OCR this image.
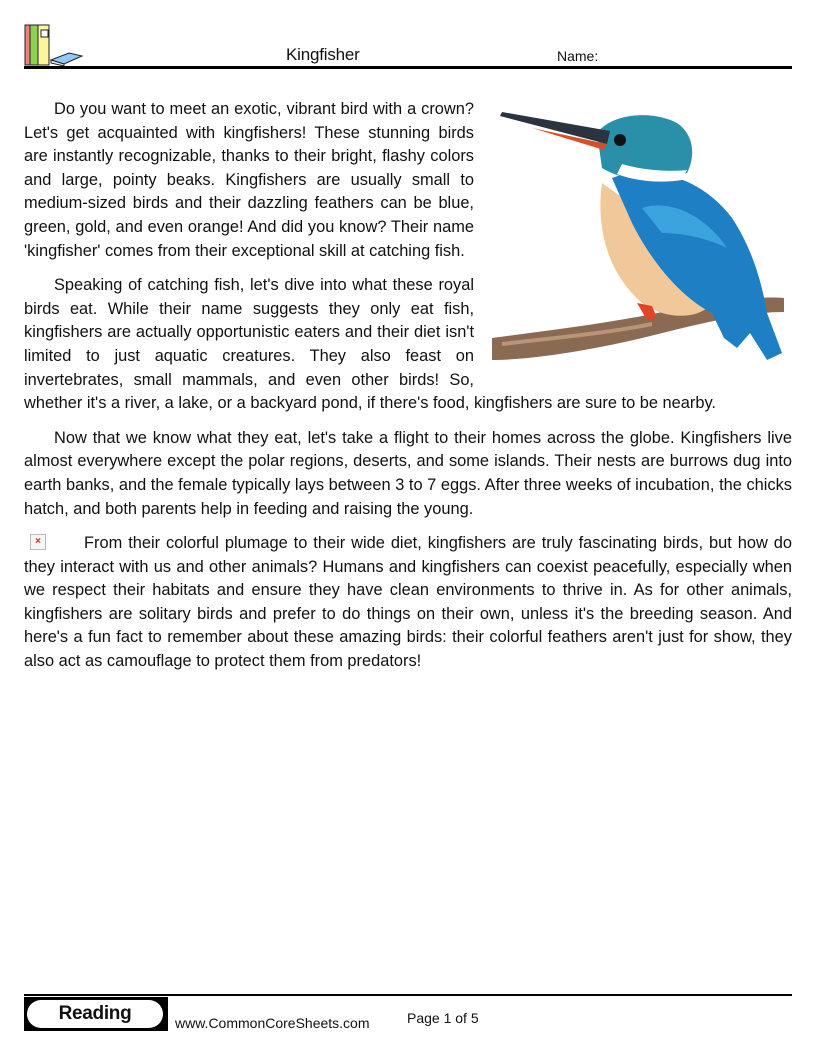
Kingfisher	Name:

Do you want to meet an exotic, vibrant bird with a crown? Let's get acquainted with kingfishers! These stunning birds are instantly recognizable, thanks to their bright, flashy colors and large, pointy beaks. Kingfishers are usually small to medium-sized birds and their dazzling feathers can be blue, green, gold, and even orange! And did you know? Their name 'kingfisher' comes from their exceptional skill at catching fish.

Speaking of catching fish, let's dive into what these royal birds eat. While their name suggests they only eat fish, kingfishers are actually opportunistic eaters and their diet isn't limited to just aquatic creatures. They also feast on invertebrates, small mammals, and even other birds! So, whether it's a river, a lake, or a backyard pond, if there's food, kingfishers are sure to be nearby.

Now that we know what they eat, let's take a flight to their homes across the globe. Kingfishers live almost everywhere except the polar regions, deserts, and some islands. Their nests are burrows dug into earth banks, and the female typically lays between 3 to 7 eggs. After three weeks of incubation, the chicks hatch, and both parents help in feeding and raising the young.

×	From their colorful plumage to their wide diet, kingfishers are truly fascinating birds, but how do they interact with us and other animals? Humans and kingfishers can coexist peacefully, especially when we respect their habitats and ensure they have clean environments to thrive in. As for other animals, kingfishers are solitary birds and prefer to do things on their own, unless it's the breeding season. And here's a fun fact to remember about these amazing birds: their colorful feathers aren't just for show, they also act as camouflage to protect them from predators!

Reading	www.CommonCoreSheets.com	Page 1 of 5
